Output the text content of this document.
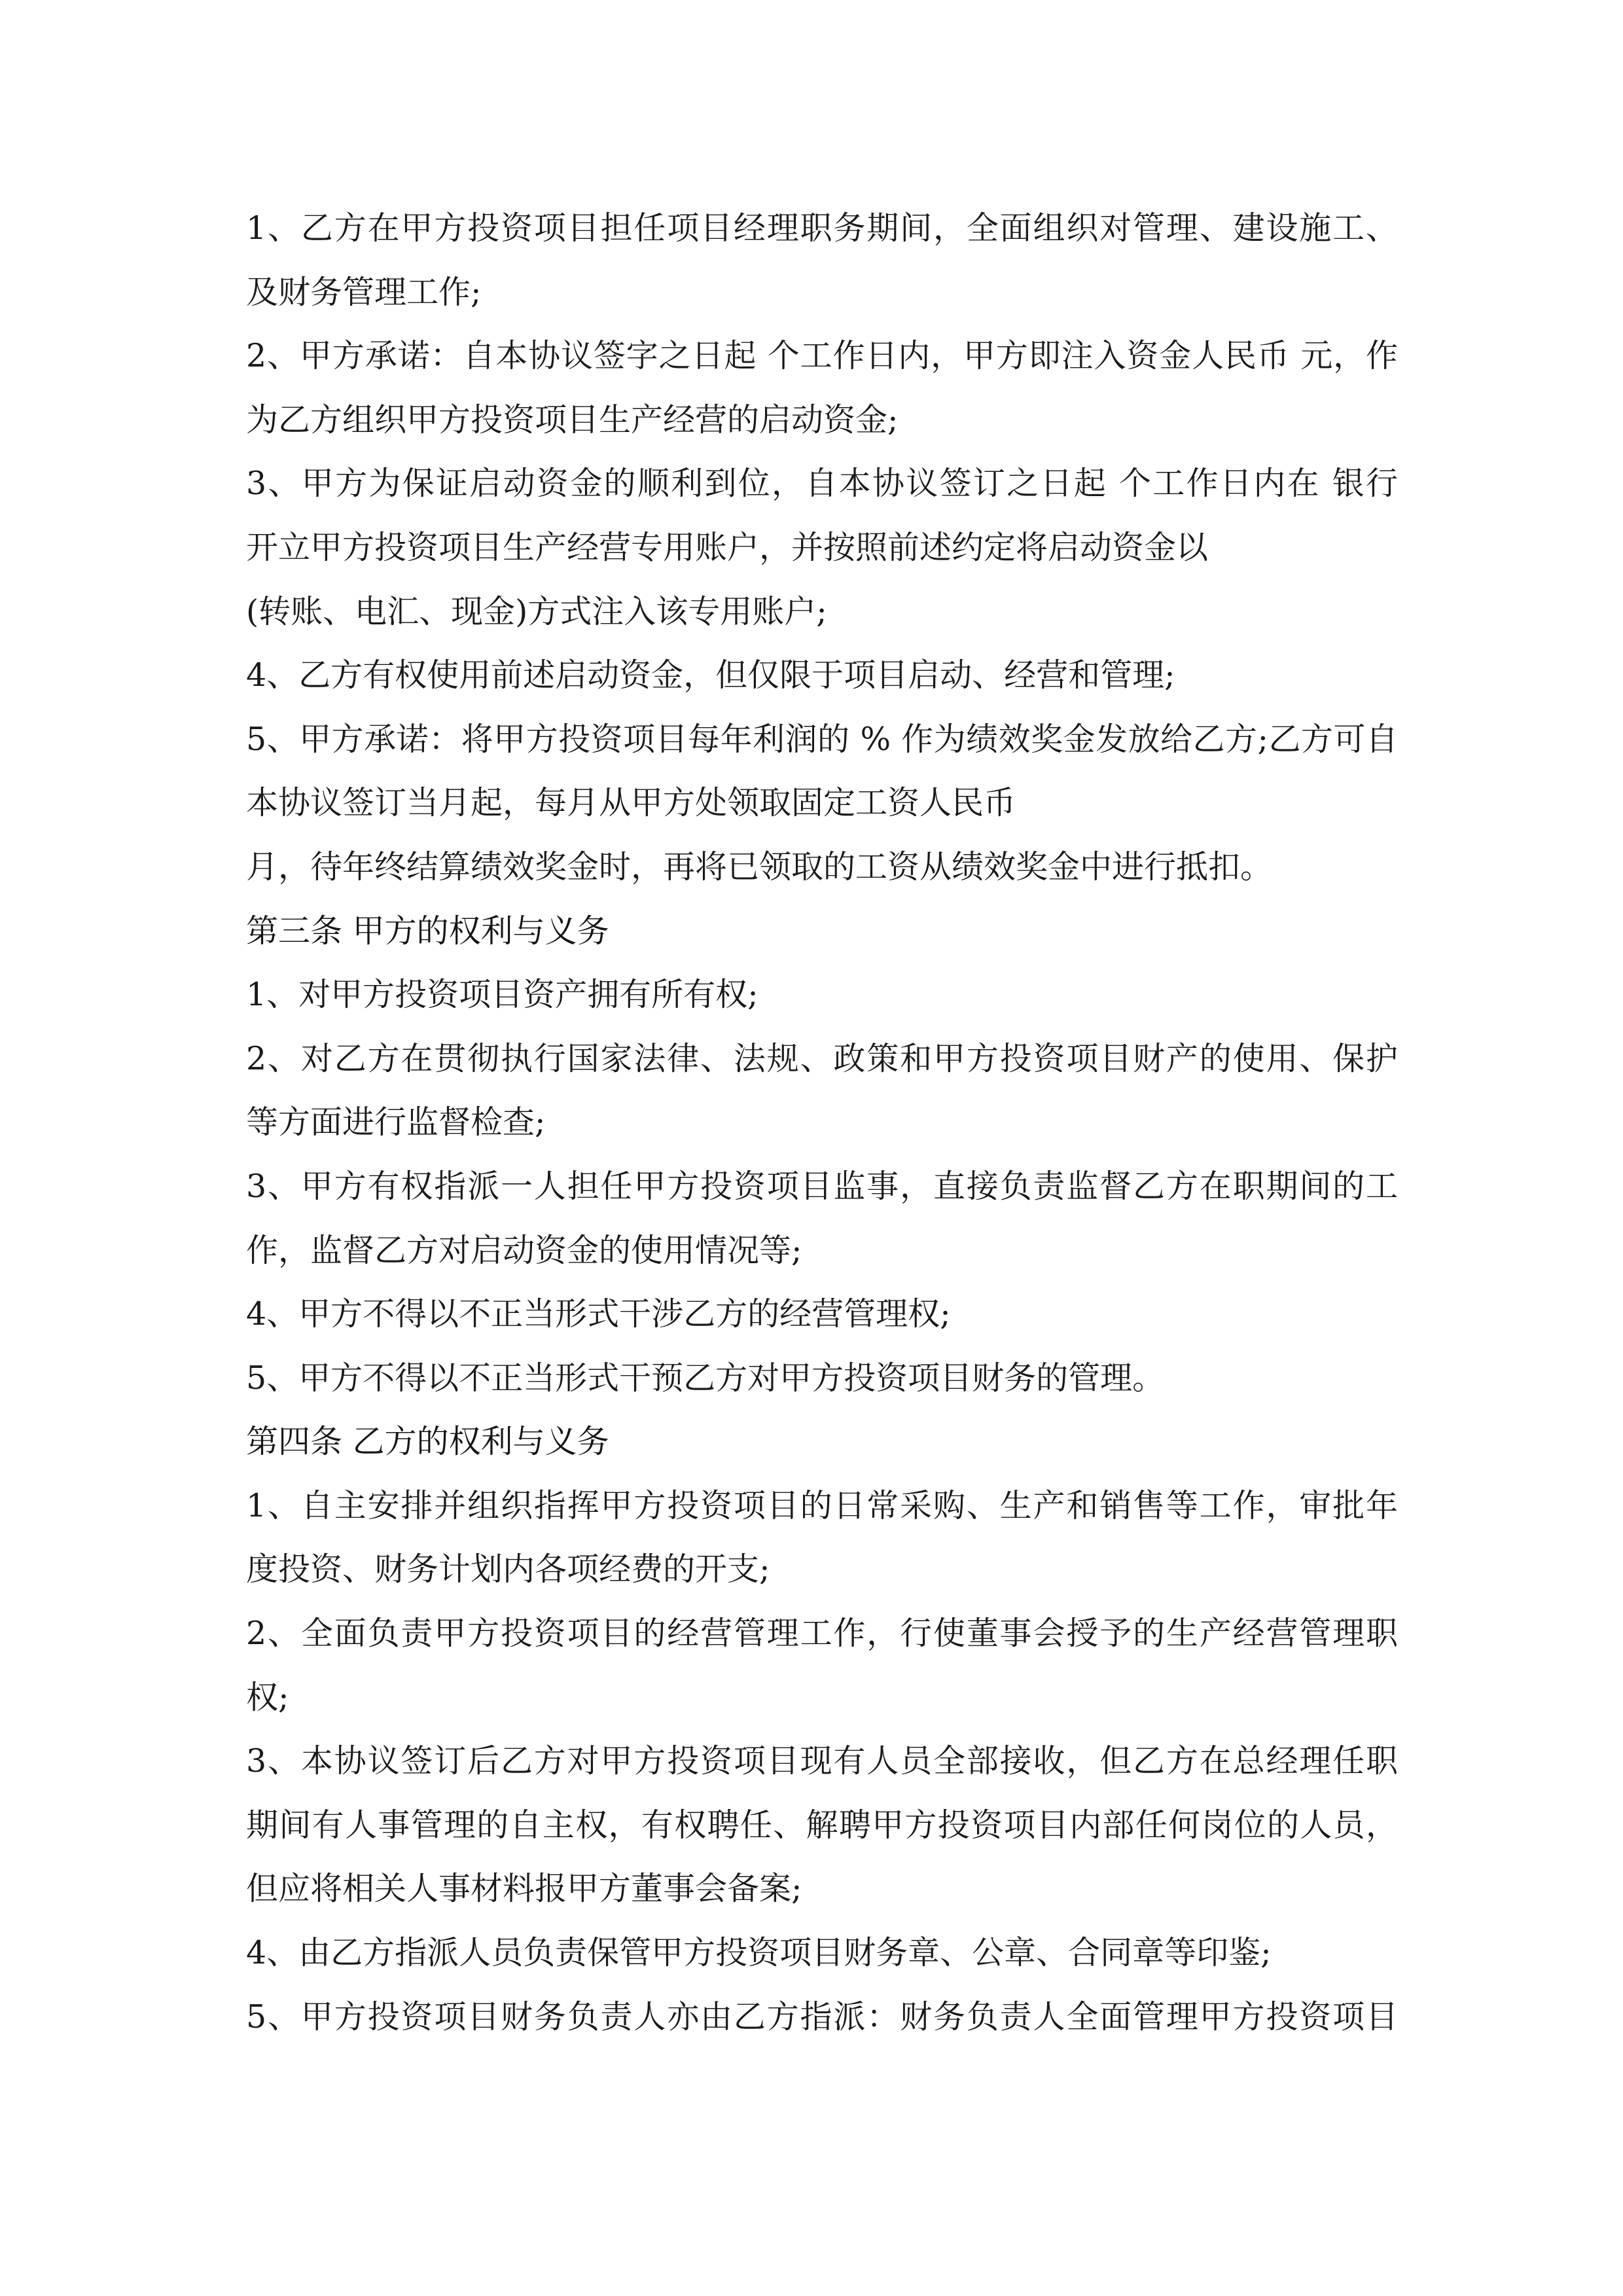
1、乙方在甲方投资项目担任项目经理职务期间，全面组织对管理、建设施工、
及财务管理工作;
2、甲方承诺：自本协议签字之日起 个工作日内，甲方即注入资金人民币 元，作
为乙方组织甲方投资项目生产经营的启动资金;
3、甲方为保证启动资金的顺利到位，自本协议签订之日起 个工作日内在 银行
开立甲方投资项目生产经营专用账户，并按照前述约定将启动资金以
(转账、电汇、现金)方式注入该专用账户;
4、乙方有权使用前述启动资金，但仅限于项目启动、经营和管理;
5、甲方承诺：将甲方投资项目每年利润的 % 作为绩效奖金发放给乙方;乙方可自
本协议签订当月起，每月从甲方处领取固定工资人民币
月，待年终结算绩效奖金时，再将已领取的工资从绩效奖金中进行抵扣。
第三条 甲方的权利与义务
1、对甲方投资项目资产拥有所有权;
2、对乙方在贯彻执行国家法律、法规、政策和甲方投资项目财产的使用、保护
等方面进行监督检查;
3、甲方有权指派一人担任甲方投资项目监事，直接负责监督乙方在职期间的工
作，监督乙方对启动资金的使用情况等;
4、甲方不得以不正当形式干涉乙方的经营管理权;
5、甲方不得以不正当形式干预乙方对甲方投资项目财务的管理。
第四条 乙方的权利与义务
1、自主安排并组织指挥甲方投资项目的日常采购、生产和销售等工作，审批年
度投资、财务计划内各项经费的开支;
2、全面负责甲方投资项目的经营管理工作，行使董事会授予的生产经营管理职
权;
3、本协议签订后乙方对甲方投资项目现有人员全部接收，但乙方在总经理任职
期间有人事管理的自主权，有权聘任、解聘甲方投资项目内部任何岗位的人员，
但应将相关人事材料报甲方董事会备案;
4、由乙方指派人员负责保管甲方投资项目财务章、公章、合同章等印鉴;
5、甲方投资项目财务负责人亦由乙方指派：财务负责人全面管理甲方投资项目
